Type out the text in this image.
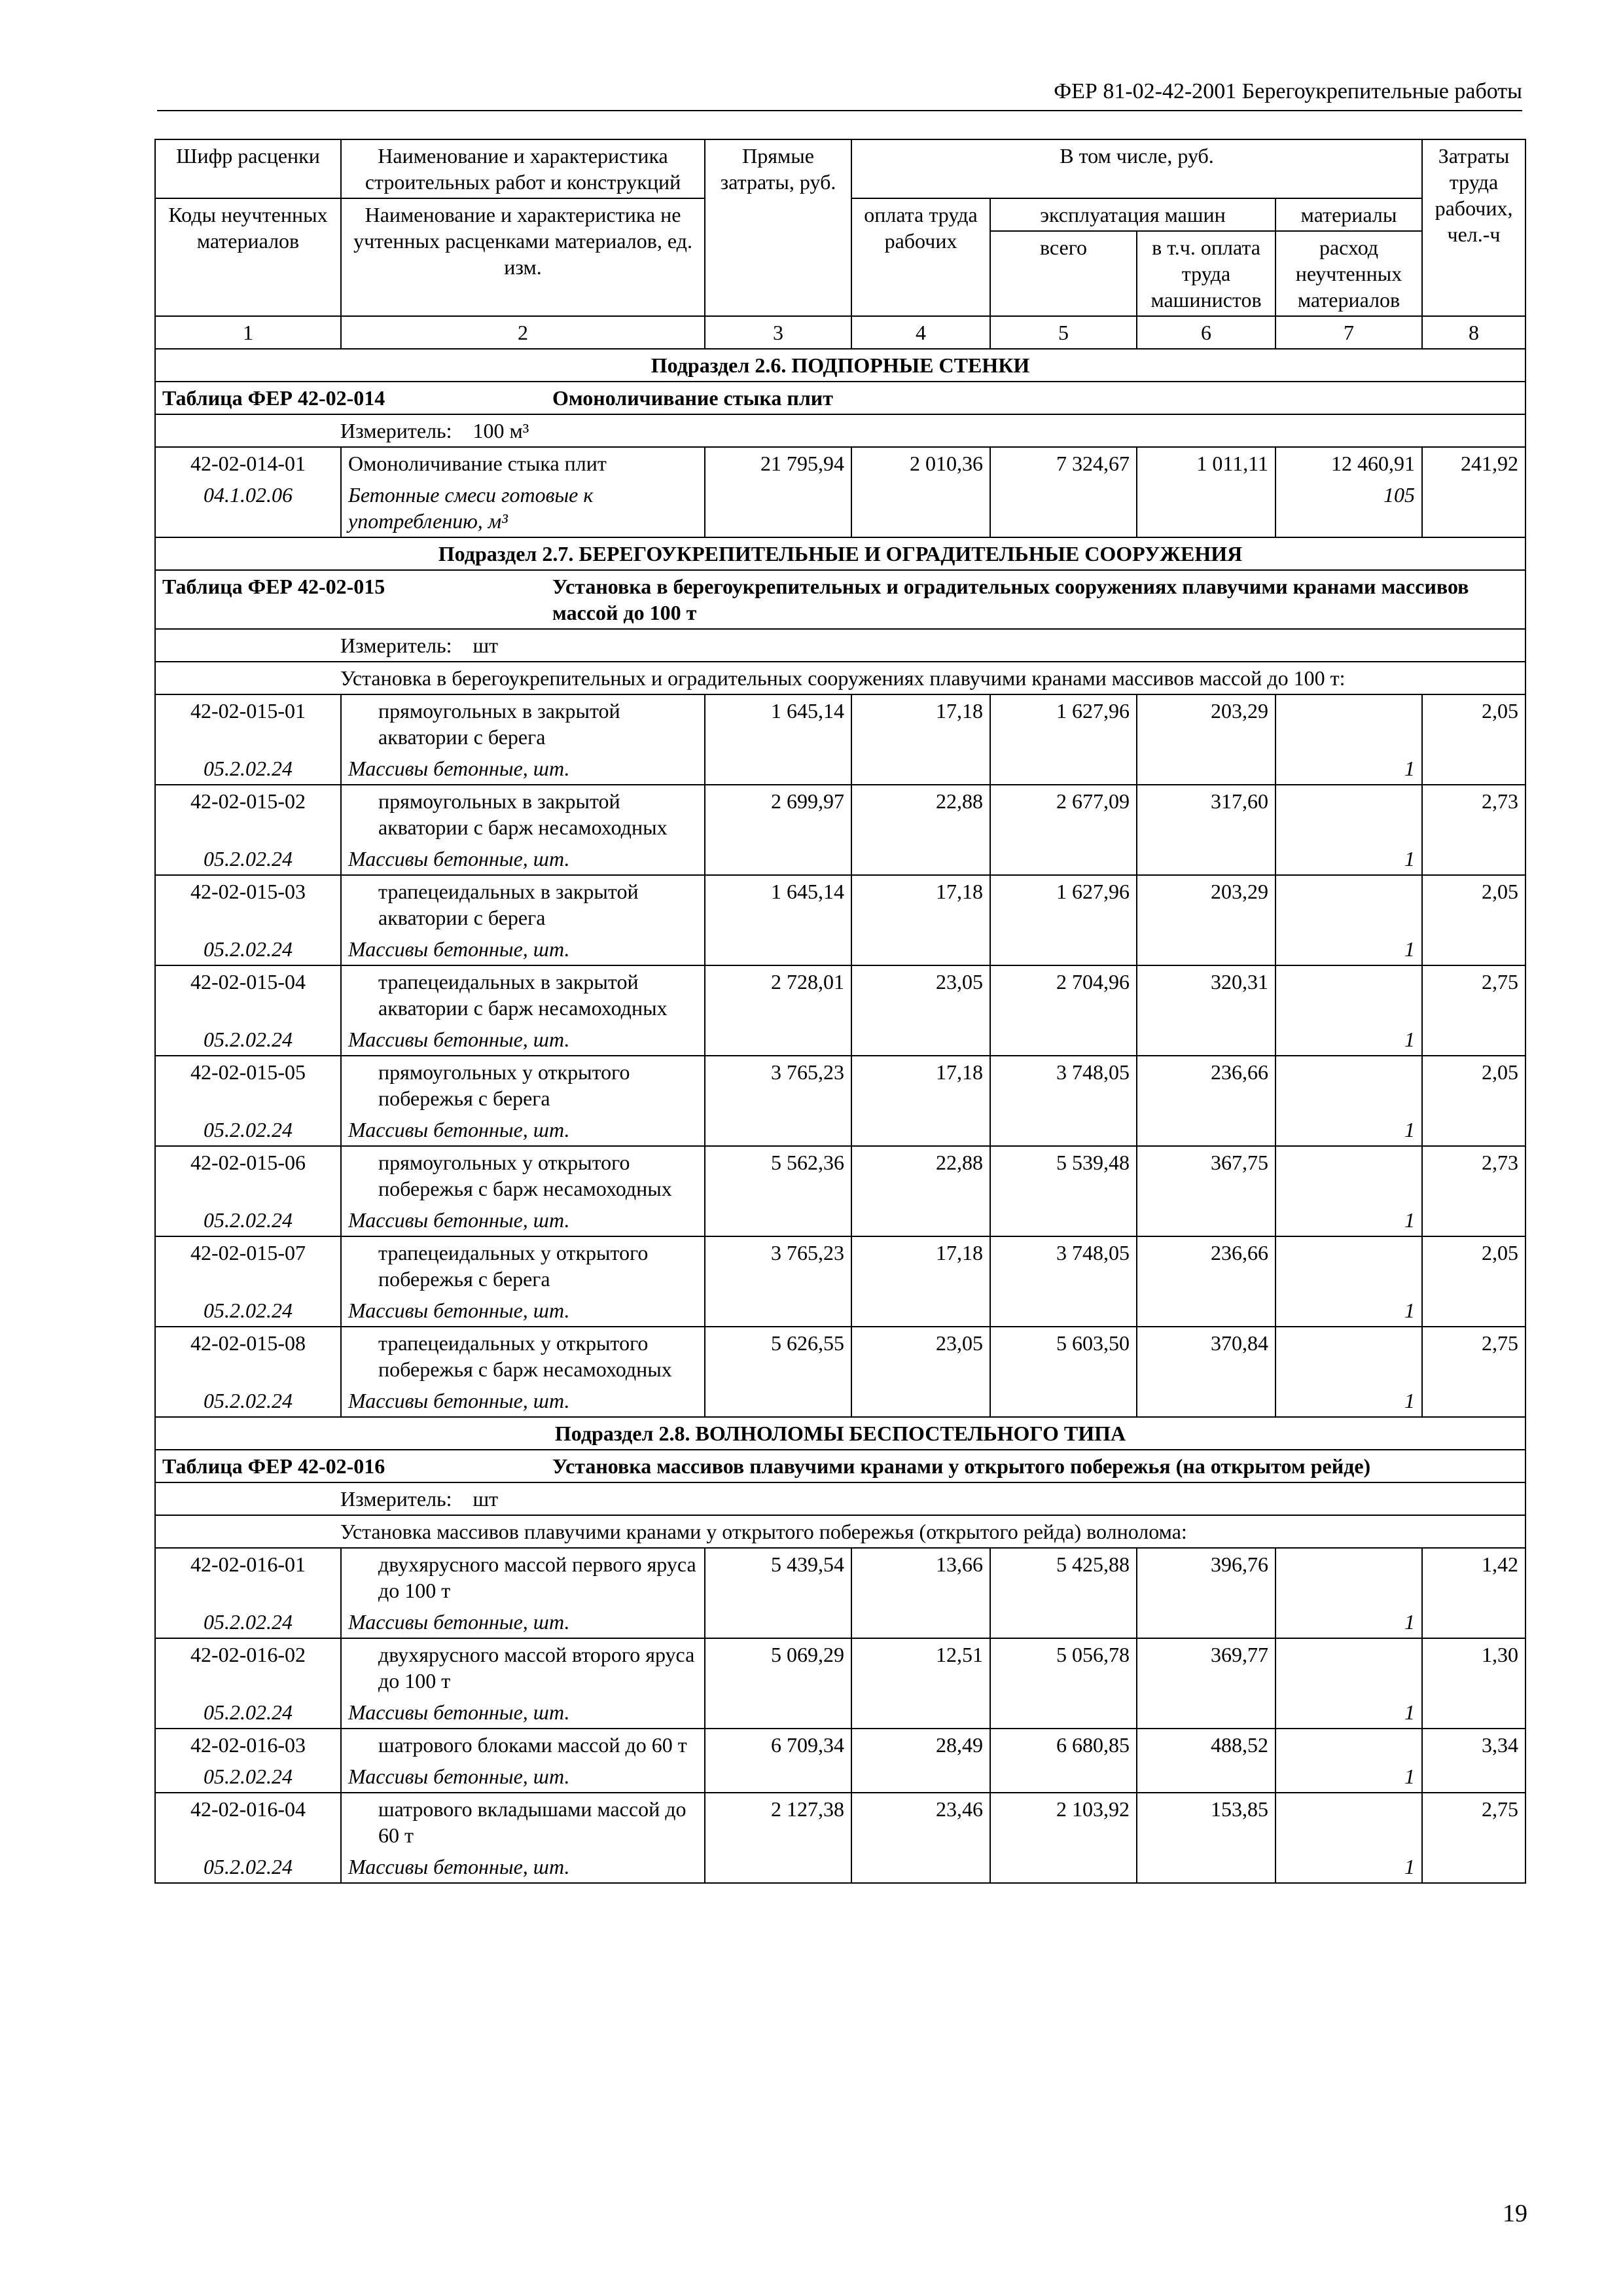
ФЕР 81-02-42-2001 Берегоукрепительные работы
Шифр расценки	Наименование и характеристика строительных работ и конструкций	Прямые затраты, руб.	В том числе, руб.				Затраты труда рабочих, чел.-ч
Коды неучтенных материалов	Наименование и характеристика не учтенных расценками материалов, ед. изм.		оплата труда рабочих	эксплуатация машин		материалы	
				всего	в т.ч. оплата труда машинистов	расход неучтенных материалов	
1	2	3	4	5	6	7	8
Подраздел 2.6. ПОДПОРНЫЕ СТЕНКИ							
Таблица ФЕР 42-02-014 Омоноличивание стыка плит							
Измеритель: 100 м³							
42-02-014-01	Омоноличивание стыка плит	21 795,94	2 010,36	7 324,67	1 011,11	12 460,91	241,92
04.1.02.06	Бетонные смеси готовые к употреблению, м³					105	
Подраздел 2.7. БЕРЕГОУКРЕПИТЕЛЬНЫЕ И ОГРАДИТЕЛЬНЫЕ СООРУЖЕНИЯ							
Таблица ФЕР 42-02-015 Установка в берегоукрепительных и оградительных сооружениях плавучими кранами массивов массой до 100 т							
Измеритель: шт							
Установка в берегоукрепительных и оградительных сооружениях плавучими кранами массивов массой до 100 т:							
42-02-015-01	прямоугольных в закрытой акватории с берега	1 645,14	17,18	1 627,96	203,29		2,05
05.2.02.24	Массивы бетонные, шт.					1	
42-02-015-02	прямоугольных в закрытой акватории с барж несамоходных	2 699,97	22,88	2 677,09	317,60		2,73
05.2.02.24	Массивы бетонные, шт.					1	
42-02-015-03	трапецеидальных в закрытой акватории с берега	1 645,14	17,18	1 627,96	203,29		2,05
05.2.02.24	Массивы бетонные, шт.					1	
42-02-015-04	трапецеидальных в закрытой акватории с барж несамоходных	2 728,01	23,05	2 704,96	320,31		2,75
05.2.02.24	Массивы бетонные, шт.					1	
42-02-015-05	прямоугольных у открытого побережья с берега	3 765,23	17,18	3 748,05	236,66		2,05
05.2.02.24	Массивы бетонные, шт.					1	
42-02-015-06	прямоугольных у открытого побережья с барж несамоходных	5 562,36	22,88	5 539,48	367,75		2,73
05.2.02.24	Массивы бетонные, шт.					1	
42-02-015-07	трапецеидальных у открытого побережья с берега	3 765,23	17,18	3 748,05	236,66		2,05
05.2.02.24	Массивы бетонные, шт.					1	
42-02-015-08	трапецеидальных у открытого побережья с барж несамоходных	5 626,55	23,05	5 603,50	370,84		2,75
05.2.02.24	Массивы бетонные, шт.					1	
Подраздел 2.8. ВОЛНОЛОМЫ БЕСПОСТЕЛЬНОГО ТИПА							
Таблица ФЕР 42-02-016 Установка массивов плавучими кранами у открытого побережья (на открытом рейде)							
Измеритель: шт							
Установка массивов плавучими кранами у открытого побережья (открытого рейда) волнолома:							
42-02-016-01	двухярусного массой первого яруса до 100 т	5 439,54	13,66	5 425,88	396,76		1,42
05.2.02.24	Массивы бетонные, шт.					1	
42-02-016-02	двухярусного массой второго яруса до 100 т	5 069,29	12,51	5 056,78	369,77		1,30
05.2.02.24	Массивы бетонные, шт.					1	
42-02-016-03	шатрового блоками массой до 60 т	6 709,34	28,49	6 680,85	488,52		3,34
05.2.02.24	Массивы бетонные, шт.					1	
42-02-016-04	шатрового вкладышами массой до 60 т	2 127,38	23,46	2 103,92	153,85		2,75
05.2.02.24	Массивы бетонные, шт.					1	
19
